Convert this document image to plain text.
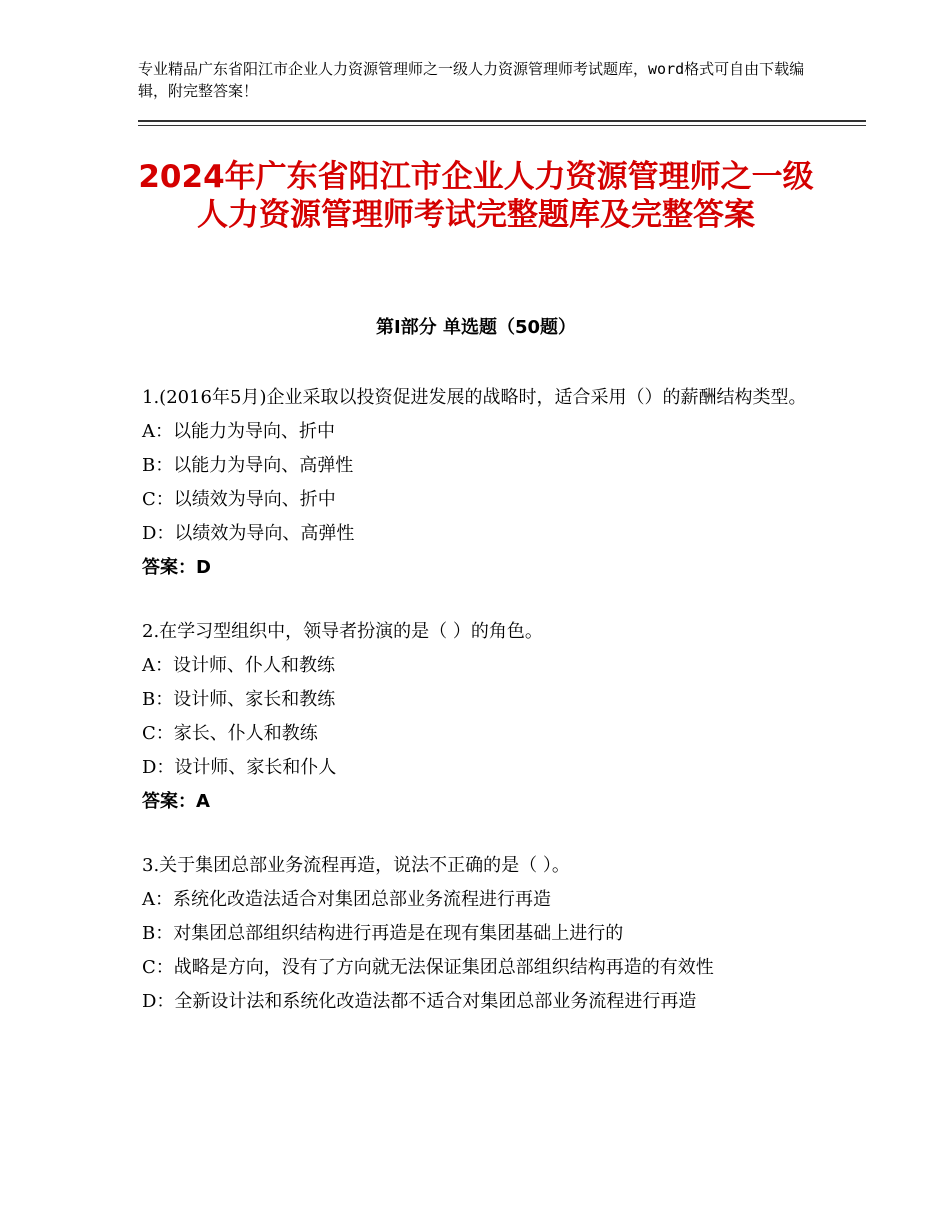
专业精品广东省阳江市企业人力资源管理师之一级人力资源管理师考试题库，word格式可自由下载编辑，附完整答案！
2024年广东省阳江市企业人力资源管理师之一级人力资源管理师考试完整题库及完整答案
第Ⅰ部分 单选题（50题）
1.(2016年5月)企业采取以投资促进发展的战略时，适合采用（）的薪酬结构类型。
A：以能力为导向、折中
B：以能力为导向、高弹性
C：以绩效为导向、折中
D：以绩效为导向、高弹性
答案：D
2.在学习型组织中，领导者扮演的是（ ）的角色。
A：设计师、仆人和教练
B：设计师、家长和教练
C：家长、仆人和教练
D：设计师、家长和仆人
答案：A
3.关于集团总部业务流程再造，说法不正确的是（ ）。
A：系统化改造法适合对集团总部业务流程进行再造
B：对集团总部组织结构进行再造是在现有集团基础上进行的
C：战略是方向，没有了方向就无法保证集团总部组织结构再造的有效性
D：全新设计法和系统化改造法都不适合对集团总部业务流程进行再造
